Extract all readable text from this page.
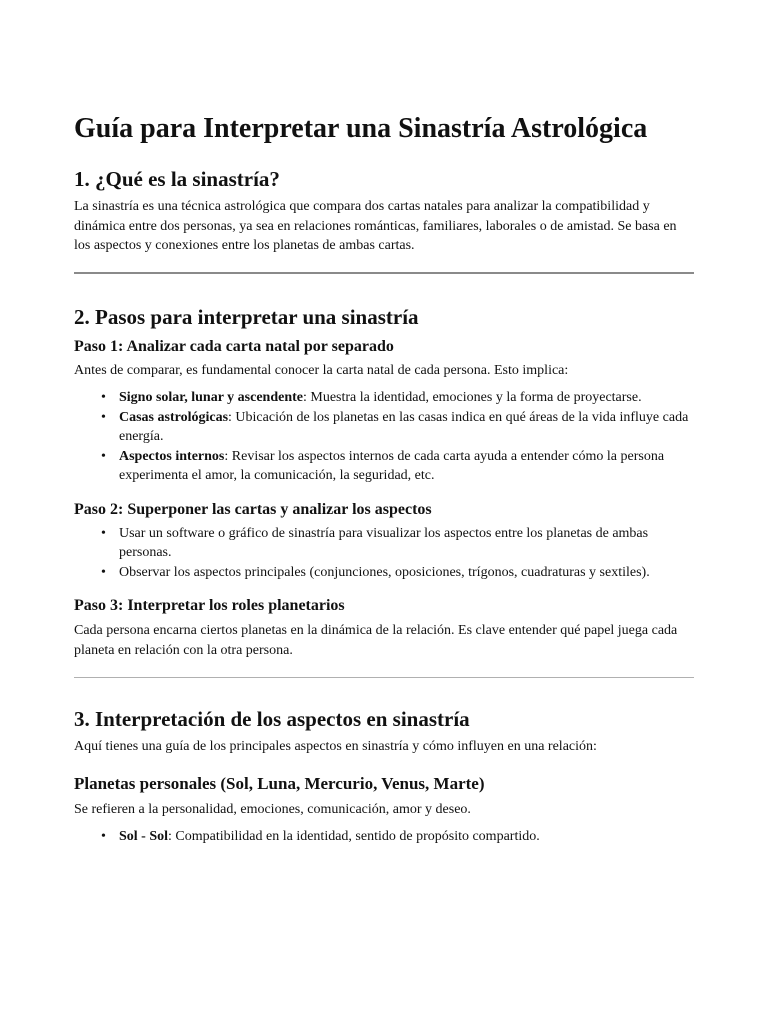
Guía para Interpretar una Sinastría Astrológica
1. ¿Qué es la sinastría?

La sinastría es una técnica astrológica que compara dos cartas natales para analizar la compatibilidad y dinámica entre dos personas, ya sea en relaciones románticas, familiares, laborales o de amistad. Se basa en los aspectos y conexiones entre los planetas de ambas cartas.

2. Pasos para interpretar una sinastría
Paso 1: Analizar cada carta natal por separado

Antes de comparar, es fundamental conocer la carta natal de cada persona. Esto implica:

• Signo solar, lunar y ascendente: Muestra la identidad, emociones y la forma de proyectarse.
• Casas astrológicas: Ubicación de los planetas en las casas indica en qué áreas de la vida influye cada energía.
• Aspectos internos: Revisar los aspectos internos de cada carta ayuda a entender cómo la persona experimenta el amor, la comunicación, la seguridad, etc.
Paso 2: Superponer las cartas y analizar los aspectos
• Usar un software o gráfico de sinastría para visualizar los aspectos entre los planetas de ambas personas.
• Observar los aspectos principales (conjunciones, oposiciones, trígonos, cuadraturas y sextiles).
Paso 3: Interpretar los roles planetarios

Cada persona encarna ciertos planetas en la dinámica de la relación. Es clave entender qué papel juega cada planeta en relación con la otra persona.

3. Interpretación de los aspectos en sinastría

Aquí tienes una guía de los principales aspectos en sinastría y cómo influyen en una relación:

Planetas personales (Sol, Luna, Mercurio, Venus, Marte)

Se refieren a la personalidad, emociones, comunicación, amor y deseo.

• Sol - Sol: Compatibilidad en la identidad, sentido de propósito compartido.
